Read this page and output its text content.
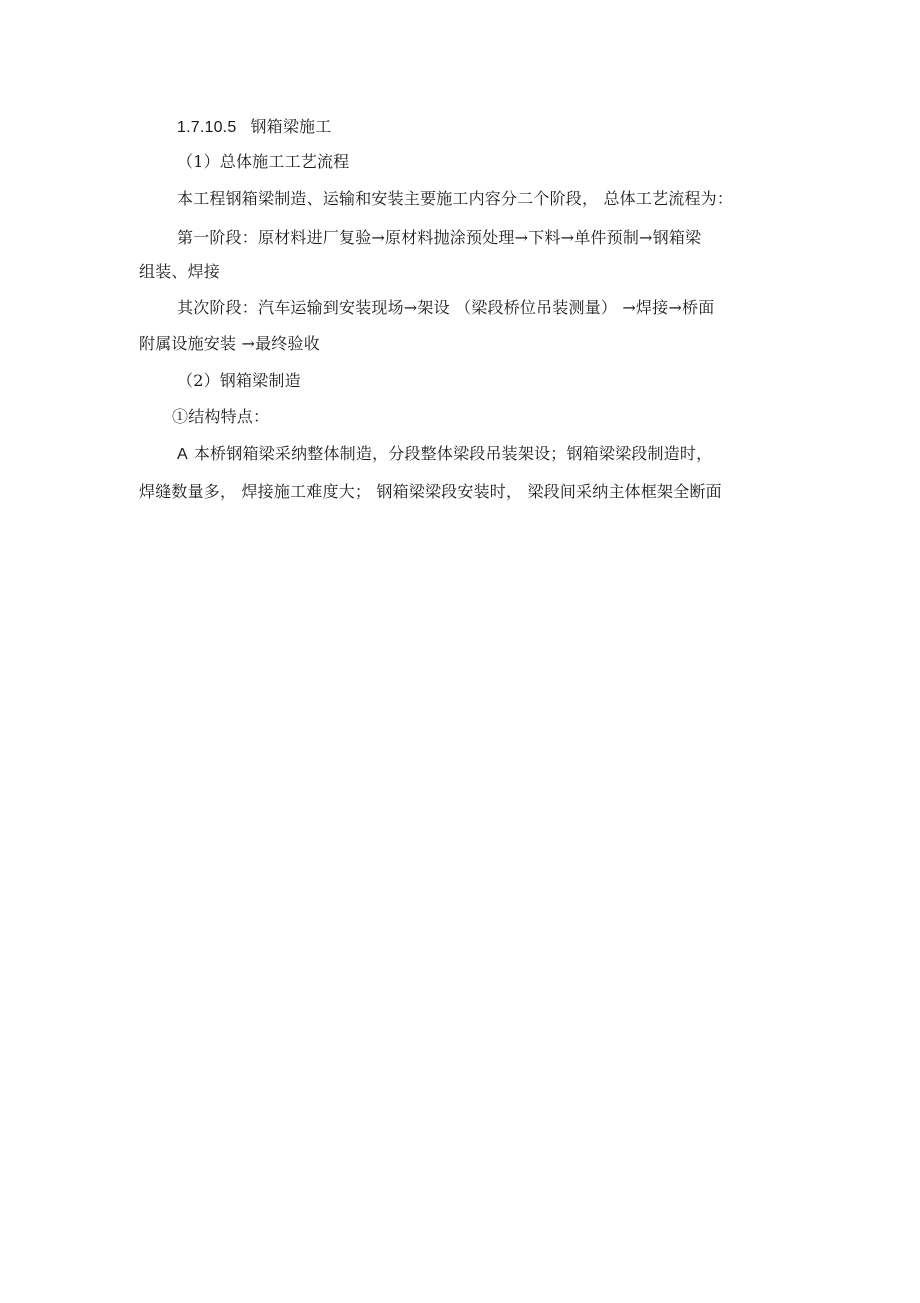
1.7.10.5 钢箱梁施工
（1）总体施工工艺流程
本工程钢箱梁制造、运输和安装主要施工内容分二个阶段， 总体工艺流程为：
第一阶段：原材料进厂复验→原材料抛涂预处理→下料→单件预制→钢箱梁
组装、焊接
其次阶段：汽车运输到安装现场→架设 （梁段桥位吊装测量） →焊接→桥面
附属设施安装 →最终验收
（2）钢箱梁制造
①结构特点：
A 本桥钢箱梁采纳整体制造，分段整体梁段吊装架设；钢箱梁梁段制造时，
焊缝数量多， 焊接施工难度大； 钢箱梁梁段安装时， 梁段间采纳主体框架全断面
